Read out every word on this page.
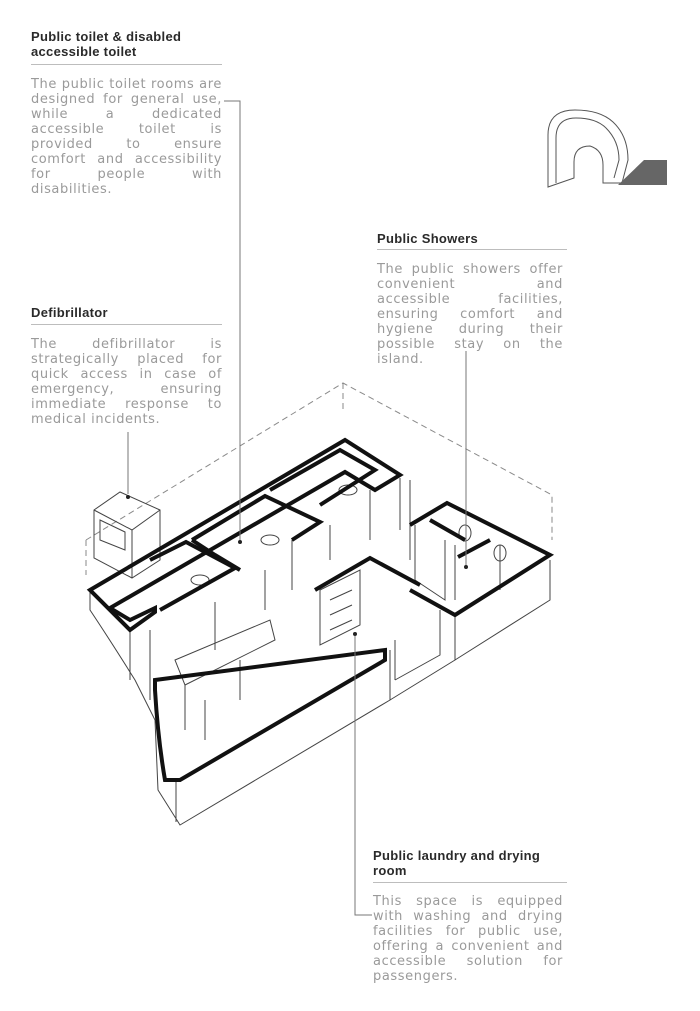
Public toilet & disabled accessible toilet
The public toilet rooms are designed for general use, while a dedicated accessible toilet is provided to ensure comfort and accessibility for people with disabilities.
Public Showers
The public showers offer convenient and accessible facilities, ensuring comfort and hygiene during their possible stay on the island.
Defibrillator
The defibrillator is strategically placed for quick access in case of emergency, ensuring immediate response to medical incidents.
Public laundry and drying room
This space is equipped with washing and drying facilities for public use, offering a convenient and accessible solution for passengers.
